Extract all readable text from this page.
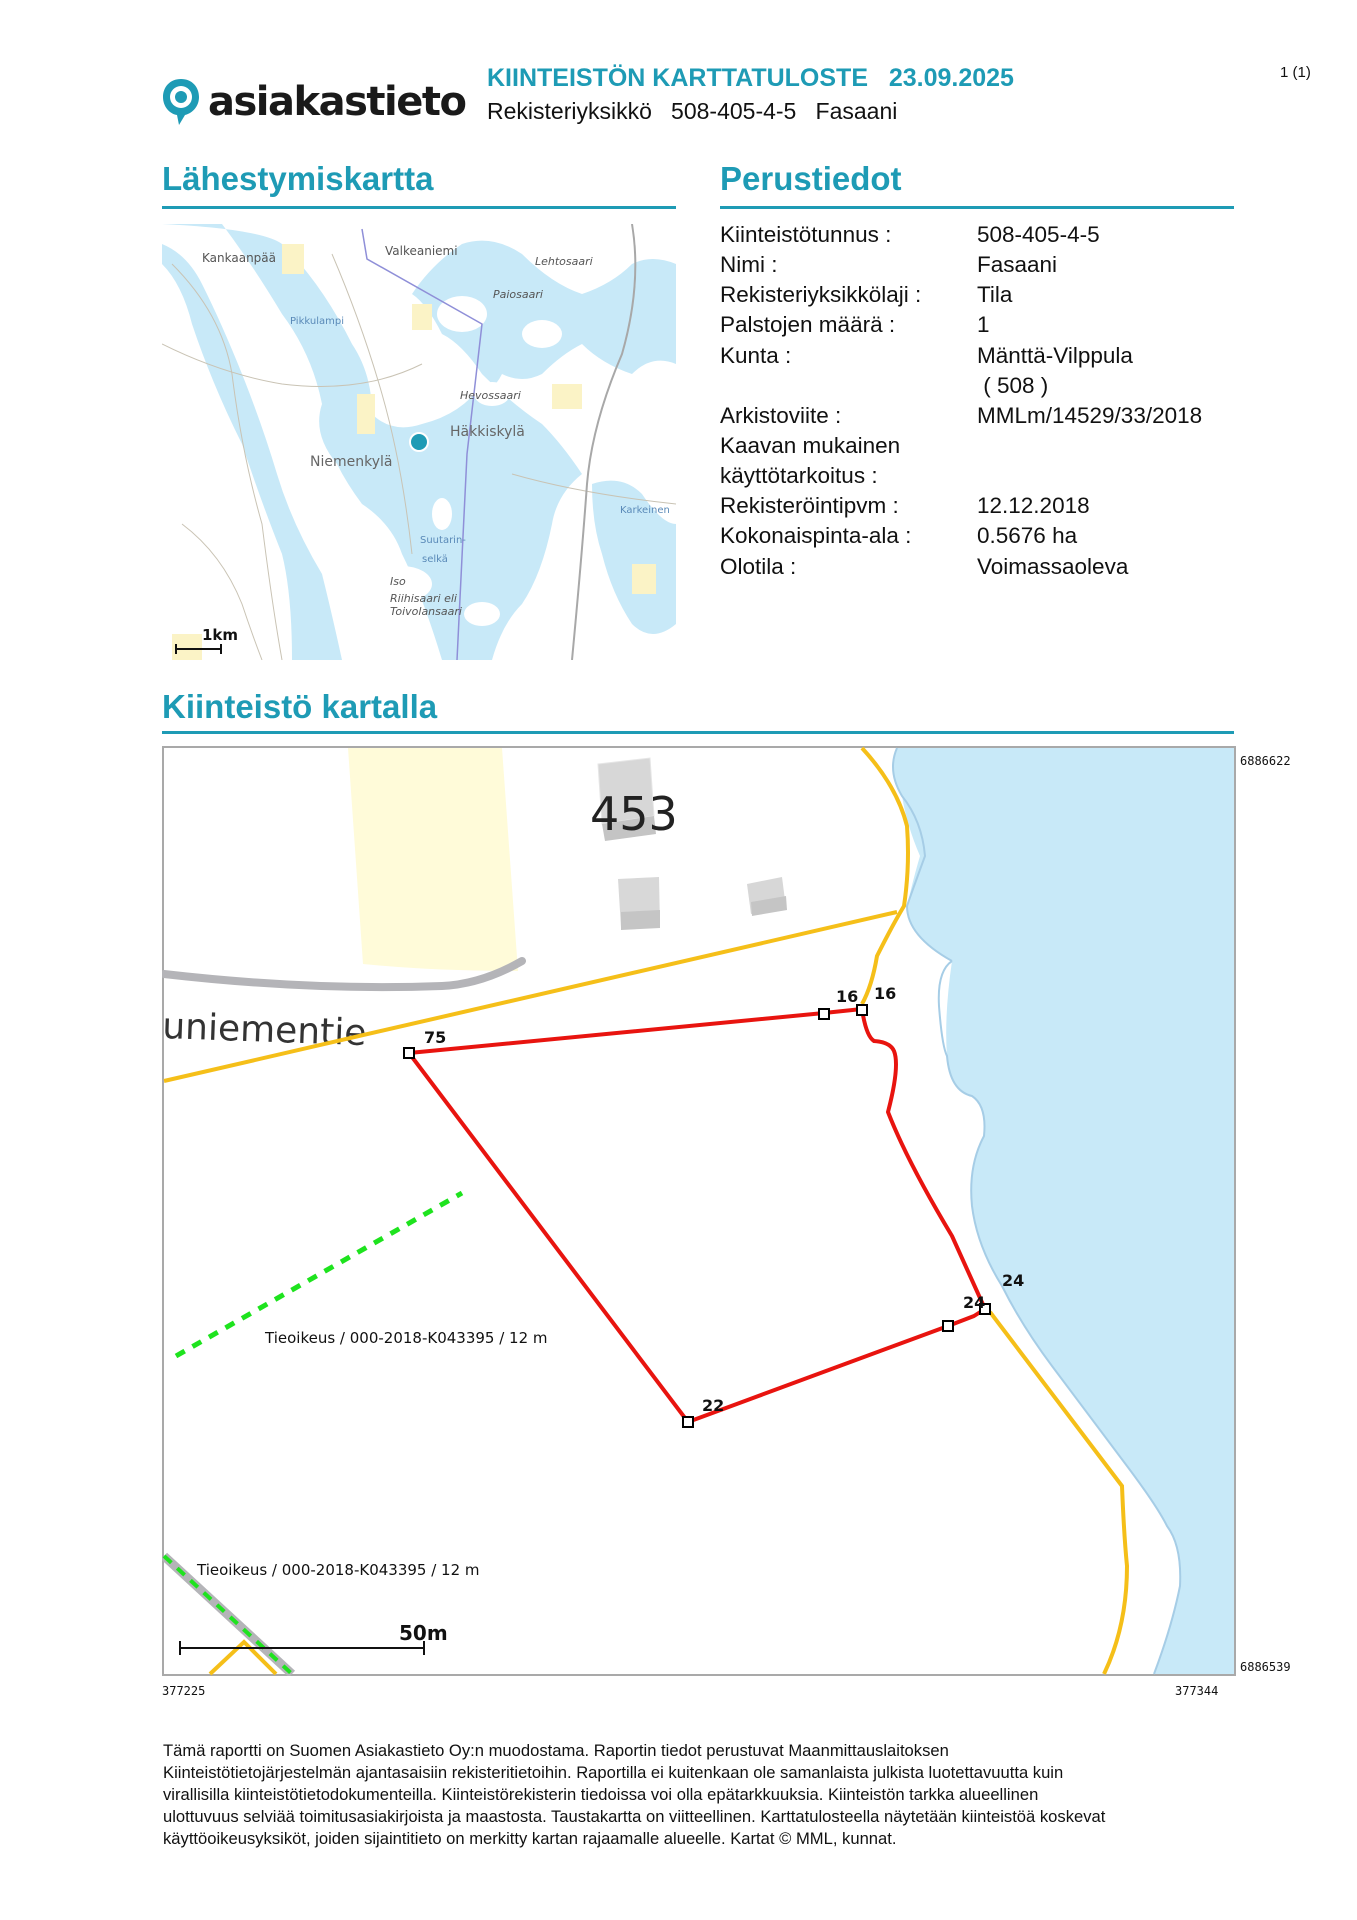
asiakastieto
KIINTEISTÖN KARTTATULOSTE   23.09.2025
Rekisteriyksikkö   508-405-4-5   Fasaani
1 (1)
Lähestymiskartta
Kankaanpää	Valkeaniemi
Lehtosaari
Paiosaari
Pikkulampi
Hevossaari
Häkkiskylä
Niemenkylä
Suutarin-
selkä
Karkeinen
Iso
Riihisaari eli
Toivolansaari
1km
Perustiedot
Kiinteistötunnus :	508-405-4-5
Nimi :	Fasaani
Rekisteriyksikkölaji : Tila
Palstojen määrä :	1
Kunta :	Mänttä-Vilppula
( 508 )
Arkistoviite :	MMLm/14529/33/2018
Kaavan mukainen
käyttötarkoitus :
Rekisteröintipvm :	12.12.2018
Kokonaispinta-ala :	0.5676 ha
Olotila :	Voimassaoleva
Kiinteistö kartalla
453
uniementie	75
16 16
24
24
22
Tieoikeus / 000-2018-K043395 / 12 m
Tieoikeus / 000-2018-K043395 / 12 m
50m
6886622
6886539
377225	377344
Tämä raportti on Suomen Asiakastieto Oy:n muodostama. Raportin tiedot perustuvat Maanmittauslaitoksen
Kiinteistötietojärjestelmän ajantasaisiin rekisteritietoihin. Raportilla ei kuitenkaan ole samanlaista julkista luotettavuutta kuin
virallisilla kiinteistötietodokumenteilla. Kiinteistörekisterin tiedoissa voi olla epätarkkuuksia. Kiinteistön tarkka alueellinen
ulottuvuus selviää toimitusasiakirjoista ja maastosta. Taustakartta on viitteellinen. Karttatulosteella näytetään kiinteistöä koskevat
käyttöoikeusyksiköt, joiden sijaintitieto on merkitty kartan rajaamalle alueelle. Kartat © MML, kunnat.
